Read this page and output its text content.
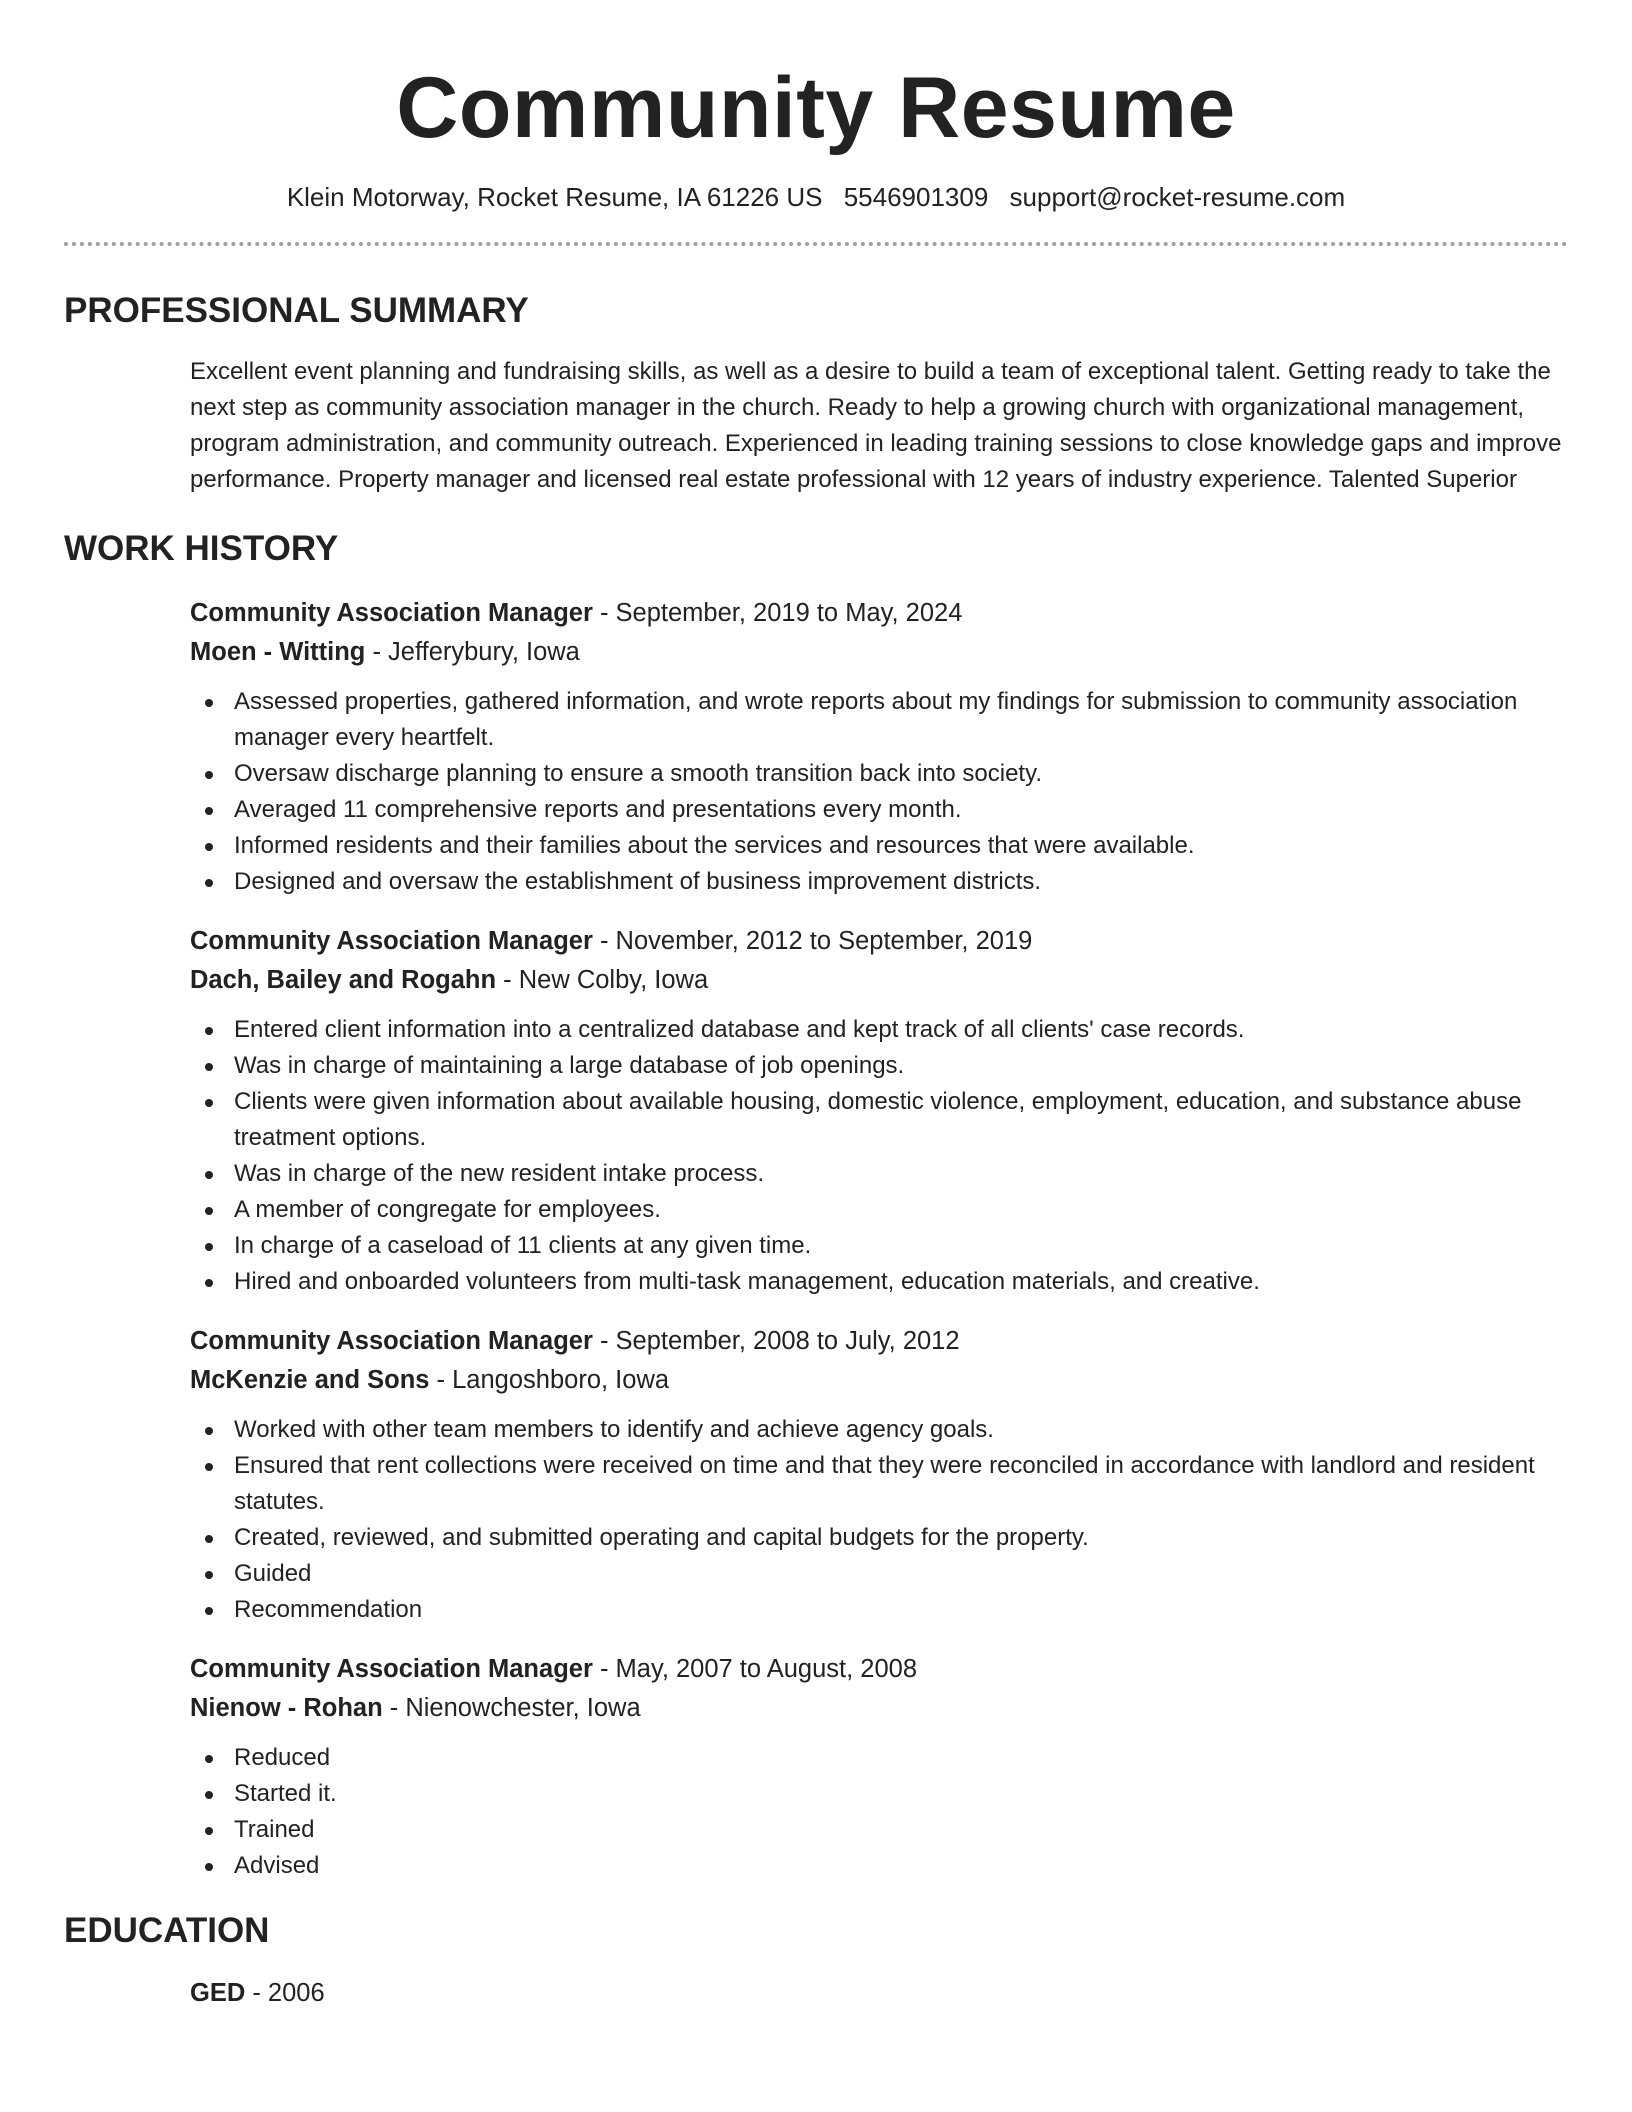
Community Resume
Klein Motorway, Rocket Resume, IA 61226 US 5546901309 support@rocket-resume.com
PROFESSIONAL SUMMARY
Excellent event planning and fundraising skills, as well as a desire to build a team of exceptional talent. Getting ready to take the next step as community association manager in the church. Ready to help a growing church with organizational management, program administration, and community outreach. Experienced in leading training sessions to close knowledge gaps and improve performance. Property manager and licensed real estate professional with 12 years of industry experience. Talented Superior
WORK HISTORY
Community Association Manager - September, 2019 to May, 2024
Moen - Witting - Jefferybury, Iowa
Assessed properties, gathered information, and wrote reports about my findings for submission to community association manager every heartfelt.
Oversaw discharge planning to ensure a smooth transition back into society.
Averaged 11 comprehensive reports and presentations every month.
Informed residents and their families about the services and resources that were available.
Designed and oversaw the establishment of business improvement districts.
Community Association Manager - November, 2012 to September, 2019
Dach, Bailey and Rogahn - New Colby, Iowa
Entered client information into a centralized database and kept track of all clients' case records.
Was in charge of maintaining a large database of job openings.
Clients were given information about available housing, domestic violence, employment, education, and substance abuse treatment options.
Was in charge of the new resident intake process.
A member of congregate for employees.
In charge of a caseload of 11 clients at any given time.
Hired and onboarded volunteers from multi-task management, education materials, and creative.
Community Association Manager - September, 2008 to July, 2012
McKenzie and Sons - Langoshboro, Iowa
Worked with other team members to identify and achieve agency goals.
Ensured that rent collections were received on time and that they were reconciled in accordance with landlord and resident statutes.
Created, reviewed, and submitted operating and capital budgets for the property.
Guided
Recommendation
Community Association Manager - May, 2007 to August, 2008
Nienow - Rohan - Nienowchester, Iowa
Reduced
Started it.
Trained
Advised
EDUCATION
GED - 2006
